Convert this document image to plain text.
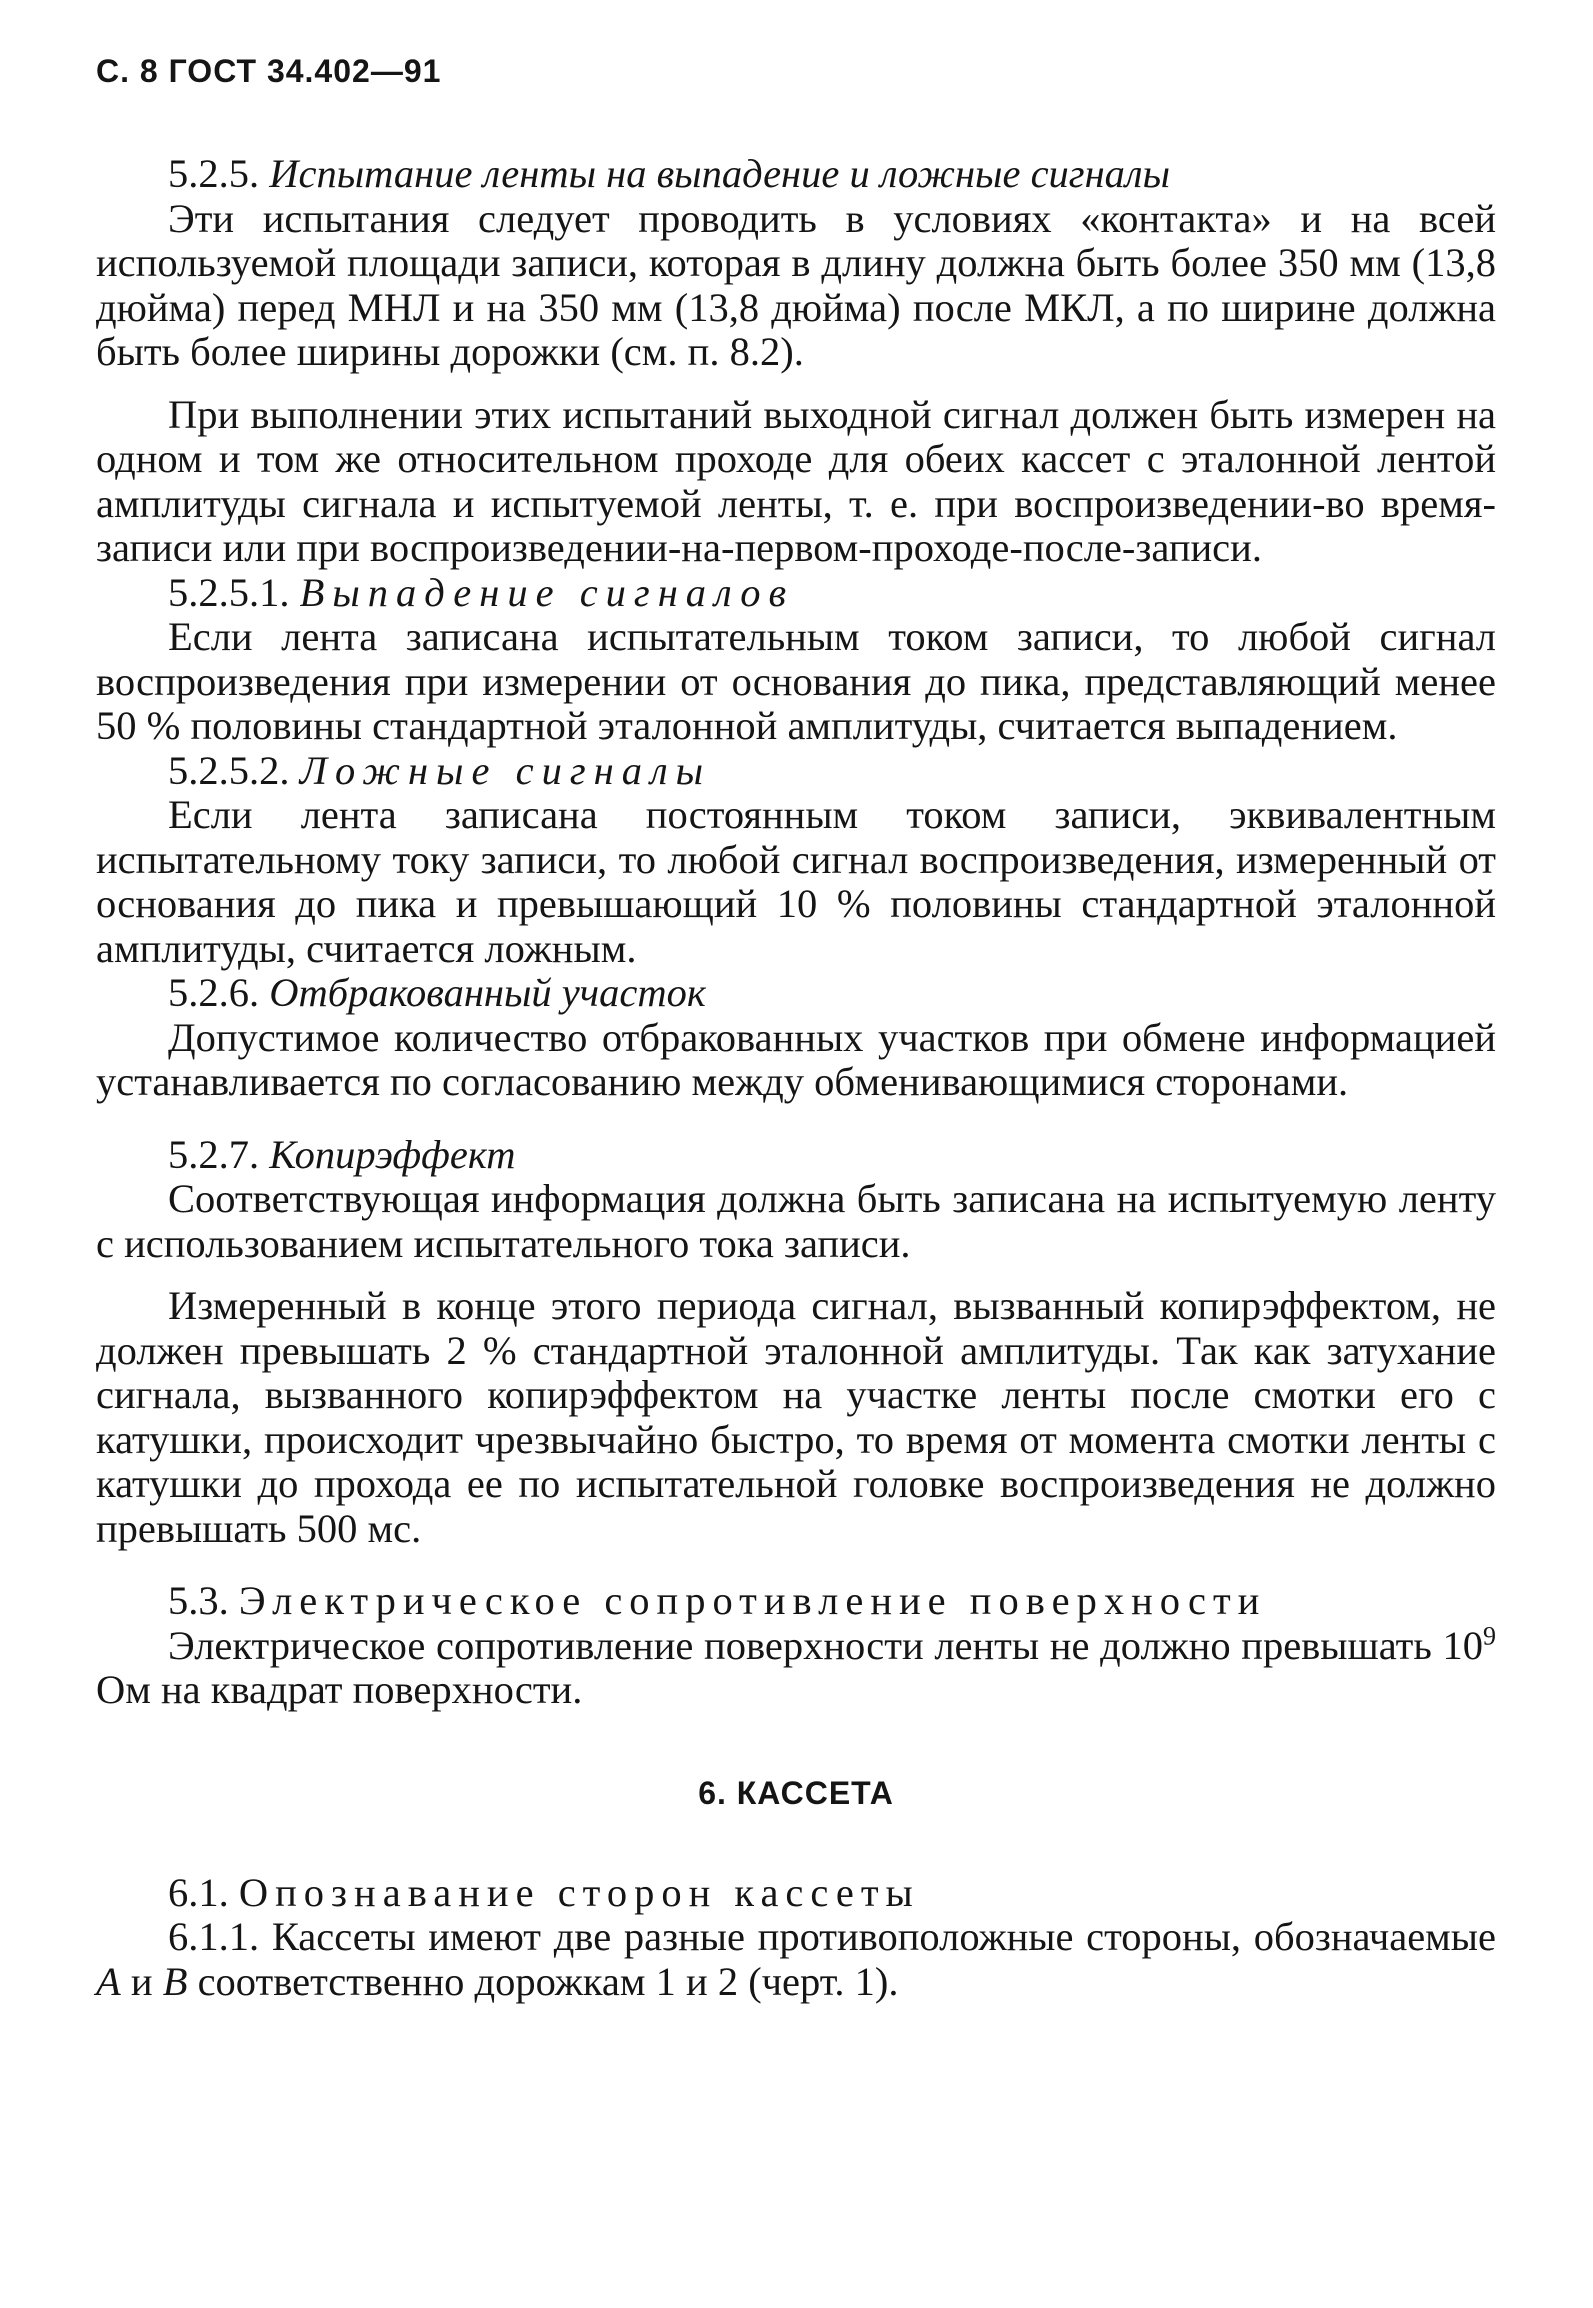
С. 8 ГОСТ 34.402—91

5.2.5. Испытание ленты на выпадение и ложные сигналы

Эти испытания следует проводить в условиях «контакта» и на всей используемой площади записи, которая в длину должна быть более 350 мм (13,8 дюйма) перед МНЛ и на 350 мм (13,8 дюйма) после МКЛ, а по ширине должна быть более ширины дорожки (см. п. 8.2).

При выполнении этих испытаний выходной сигнал должен быть измерен на одном и том же относительном проходе для обеих кассет с эталонной лентой амплитуды сигнала и испытуемой ленты, т. е. при воспроизведении-во время-записи или при воспроизведении-на-первом-проходе-после-записи.

5.2.5.1. Выпадение сигналов

Если лента записана испытательным током записи, то любой сигнал воспроизведения при измерении от основания до пика, представляющий менее 50 % половины стандартной эталонной амплитуды, считается выпадением.

5.2.5.2. Ложные сигналы

Если лента записана постоянным током записи, эквивалентным испытательному току записи, то любой сигнал воспроизведения, измеренный от основания до пика и превышающий 10 % половины стандартной эталонной амплитуды, считается ложным.

5.2.6. Отбракованный участок

Допустимое количество отбракованных участков при обмене информацией устанавливается по согласованию между обменивающимися сторонами.

5.2.7. Копирэффект

Соответствующая информация должна быть записана на испытуемую ленту с использованием испытательного тока записи.

Измеренный в конце этого периода сигнал, вызванный копирэффектом, не должен превышать 2 % стандартной эталонной амплитуды. Так как затухание сигнала, вызванного копирэффектом на участке ленты после смотки его с катушки, происходит чрезвычайно быстро, то время от момента смотки ленты с катушки до прохода ее по испытательной головке воспроизведения не должно превышать 500 мс.

5.3. Электрическое сопротивление поверхности

Электрическое сопротивление поверхности ленты не должно превышать $10^9$ Ом на квадрат поверхности.

6. КАССЕТА

6.1. Опознавание сторон кассеты

6.1.1. Кассеты имеют две разные противоположные стороны, обозначаемые А и В соответственно дорожкам 1 и 2 (черт. 1).
